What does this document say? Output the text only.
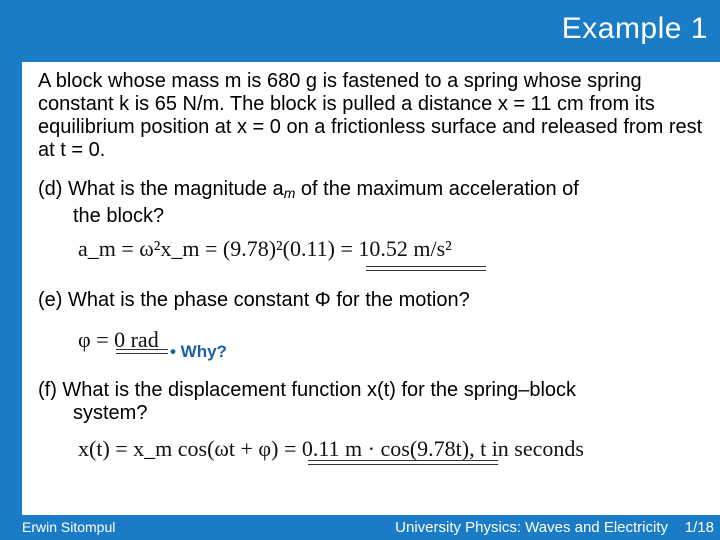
Example 1
A block whose mass m is 680 g is fastened to a spring whose spring constant k is 65 N/m. The block is pulled a distance x = 11 cm from its equilibrium position at x = 0 on a frictionless surface and released from rest at t = 0.
(d) What is the magnitude am of the maximum acceleration of
the block?
a_m = ω²x_m = (9.78)²(0.11) = 10.52 m/s²
(e) What is the phase constant Φ for the motion?
φ = 0 rad • Why?
(f) What is the displacement function x(t) for the spring–block
system?
x(t) = x_m cos(ωt + φ) = 0.11 m · cos(9.78t), t in seconds
Erwin Sitompul	University Physics: Waves and Electricity 1/18
